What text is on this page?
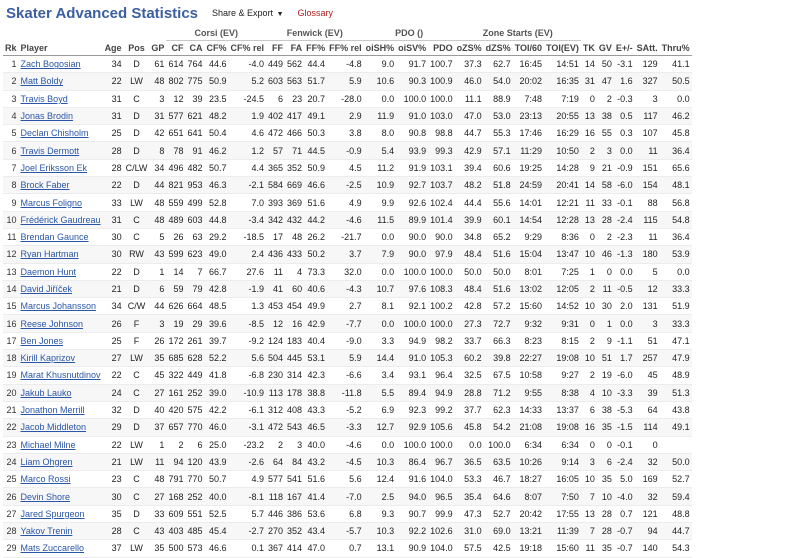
Skater Advanced Statistics Share & Export ▼ Glossary
					Corsi (EV)				Fenwick (EV)				PDO ()			Zone Starts (EV)								
Rk	Player	Age	Pos	GP	CF	CA	CF%	CF% rel	FF	FA	FF%	FF% rel	oiSH%	oiSV%	PDO	oZS%	dZS%	TOI/60	TOI(EV)	TK	GV	E+/-	SAtt.	Thru%
1	Zach Bogosian	34	D	61	614	764	44.6	-4.0	449	562	44.4	-4.8	9.0	91.7	100.7	37.3	62.7	16:45	14:51	14	50	-3.1	129	41.1
2	Matt Boldy	22	LW	48	802	775	50.9	5.2	603	563	51.7	5.9	10.6	90.3	100.9	46.0	54.0	20:02	16:35	31	47	1.6	327	50.5
3	Travis Boyd	31	C	3	12	39	23.5	-24.5	6	23	20.7	-28.0	0.0	100.0	100.0	11.1	88.9	7:48	7:19	0	2	-0.3	3	0.0
4	Jonas Brodin	31	D	31	577	621	48.2	1.9	402	417	49.1	2.9	11.9	91.0	103.0	47.0	53.0	23:13	20:55	13	38	0.5	117	46.2
5	Declan Chisholm	25	D	42	651	641	50.4	4.6	472	466	50.3	3.8	8.0	90.8	98.8	44.7	55.3	17:46	16:29	16	55	0.3	107	45.8
6	Travis Dermott	28	D	8	78	91	46.2	1.2	57	71	44.5	-0.9	5.4	93.9	99.3	42.9	57.1	11:29	10:50	2	3	0.0	11	36.4
7	Joel Eriksson Ek	28	C/LW	34	496	482	50.7	4.4	365	352	50.9	4.5	11.2	91.9	103.1	39.4	60.6	19:25	14:28	9	21	-0.9	151	65.6
8	Brock Faber	22	D	44	821	953	46.3	-2.1	584	669	46.6	-2.5	10.9	92.7	103.7	48.2	51.8	24:59	20:41	14	58	-6.0	154	48.1
9	Marcus Foligno	33	LW	48	559	499	52.8	7.0	393	369	51.6	4.9	9.9	92.6	102.4	44.4	55.6	14:01	12:21	11	33	-0.1	88	56.8
10	Frédérick Gaudreau	31	C	48	489	603	44.8	-3.4	342	432	44.2	-4.6	11.5	89.9	101.4	39.9	60.1	14:54	12:28	13	28	-2.4	115	54.8
11	Brendan Gaunce	30	C	5	26	63	29.2	-18.5	17	48	26.2	-21.7	0.0	90.0	90.0	34.8	65.2	9:29	8:36	0	2	-2.3	11	36.4
12	Ryan Hartman	30	RW	43	599	623	49.0	2.4	436	433	50.2	3.7	7.9	90.0	97.9	48.4	51.6	15:04	13:47	10	46	-1.3	180	53.9
13	Daemon Hunt	22	D	1	14	7	66.7	27.6	11	4	73.3	32.0	0.0	100.0	100.0	50.0	50.0	8:01	7:25	1	0	0.0	5	0.0
14	David Jiříček	21	D	6	59	79	42.8	-1.9	41	60	40.6	-4.3	10.7	97.6	108.3	48.4	51.6	13:02	12:05	2	11	-0.5	12	33.3
15	Marcus Johansson	34	C/W	44	626	664	48.5	1.3	453	454	49.9	2.7	8.1	92.1	100.2	42.8	57.2	15:60	14:52	10	30	2.0	131	51.9
16	Reese Johnson	26	F	3	19	29	39.6	-8.5	12	16	42.9	-7.7	0.0	100.0	100.0	27.3	72.7	9:32	9:31	0	1	0.0	3	33.3
17	Ben Jones	25	F	26	172	261	39.7	-9.2	124	183	40.4	-9.0	3.3	94.9	98.2	33.7	66.3	8:23	8:15	2	9	-1.1	51	47.1
18	Kirill Kaprizov	27	LW	35	685	628	52.2	5.6	504	445	53.1	5.9	14.4	91.0	105.3	60.2	39.8	22:27	19:08	10	51	1.7	257	47.9
19	Marat Khusnutdinov	22	C	45	322	449	41.8	-6.8	230	314	42.3	-6.6	3.4	93.1	96.4	32.5	67.5	10:58	9:27	2	19	-6.0	45	48.9
20	Jakub Lauko	24	C	27	161	252	39.0	-10.9	113	178	38.8	-11.8	5.5	89.4	94.9	28.8	71.2	9:55	8:38	4	10	-3.3	39	51.3
21	Jonathon Merrill	32	D	40	420	575	42.2	-6.1	312	408	43.3	-5.2	6.9	92.3	99.2	37.7	62.3	14:33	13:37	6	38	-5.3	64	43.8
22	Jacob Middleton	29	D	37	657	770	46.0	-3.1	472	543	46.5	-3.3	12.7	92.9	105.6	45.8	54.2	21:08	19:08	16	35	-1.5	114	49.1
23	Michael Milne	22	LW	1	2	6	25.0	-23.2	2	3	40.0	-4.6	0.0	100.0	100.0	0.0	100.0	6:34	6:34	0	0	-0.1	0	
24	Liam Ohgren	21	LW	11	94	120	43.9	-2.6	64	84	43.2	-4.5	10.3	86.4	96.7	36.5	63.5	10:26	9:14	3	6	-2.4	32	50.0
25	Marco Rossi	23	C	48	791	770	50.7	4.9	577	541	51.6	5.6	12.4	91.6	104.0	53.3	46.7	18:27	16:05	10	35	5.0	169	52.7
26	Devin Shore	30	C	27	168	252	40.0	-8.1	118	167	41.4	-7.0	2.5	94.0	96.5	35.4	64.6	8:07	7:50	7	10	-4.0	32	59.4
27	Jared Spurgeon	35	D	33	609	551	52.5	5.7	446	386	53.6	6.8	9.3	90.7	99.9	47.3	52.7	20:42	17:55	13	28	0.7	121	48.8
28	Yakov Trenin	28	C	43	403	485	45.4	-2.7	270	352	43.4	-5.7	10.3	92.2	102.6	31.0	69.0	13:21	11:39	7	28	-0.7	94	44.7
29	Mats Zuccarello	37	LW	35	500	573	46.6	0.1	367	414	47.0	0.7	13.1	90.9	104.0	57.5	42.5	19:18	15:60	11	35	-0.7	140	54.3
